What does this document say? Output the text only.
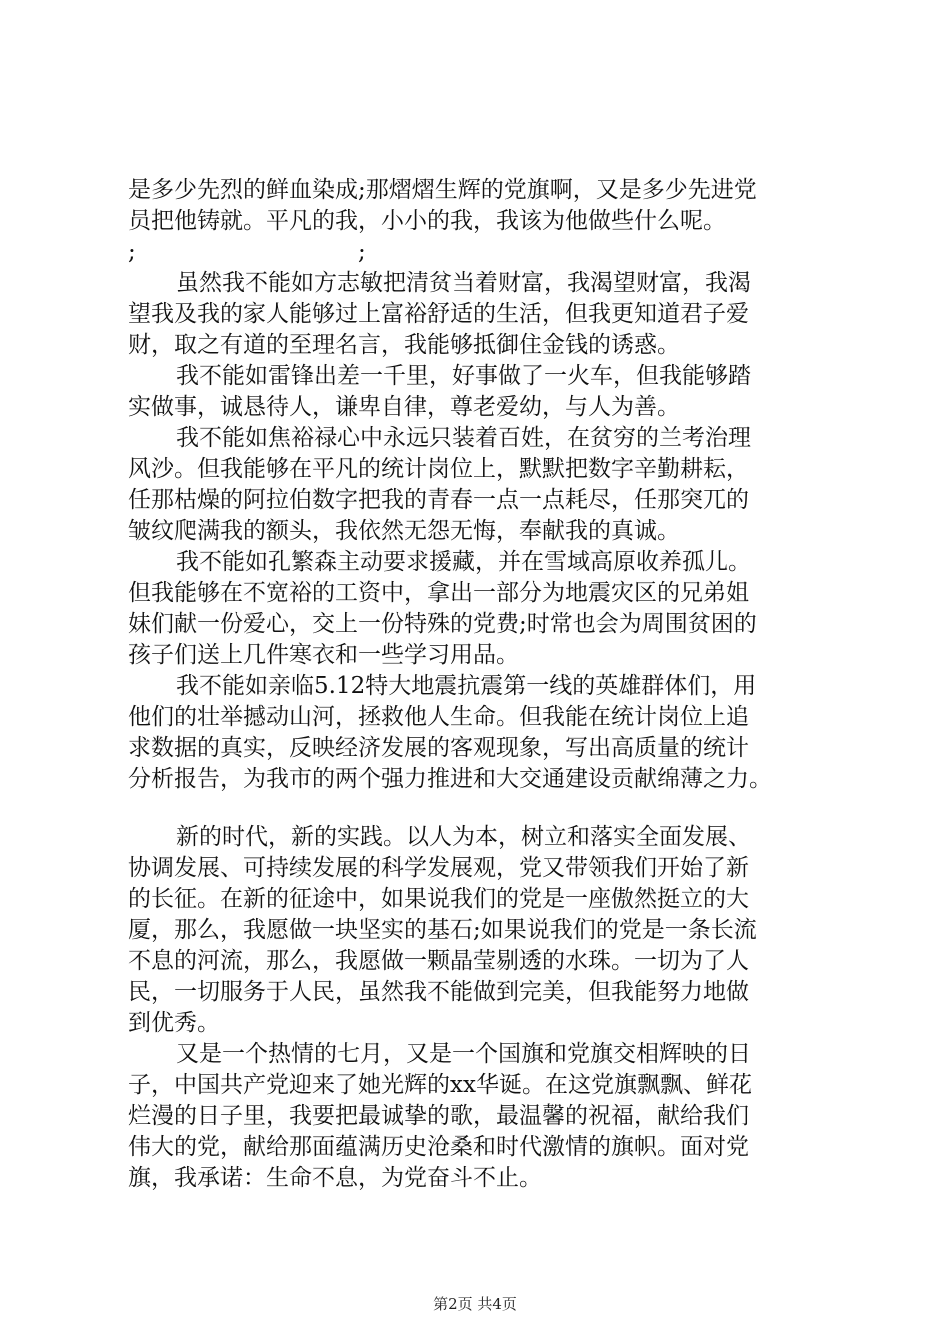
是多少先烈的鲜血染成;那熠熠生辉的党旗啊，又是多少先进党
员把他铸就。平凡的我，小小的我，我该为他做些什么呢。
;	;
虽然我不能如方志敏把清贫当着财富，我渴望财富，我渴
望我及我的家人能够过上富裕舒适的生活，但我更知道君子爱
财，取之有道的至理名言，我能够抵御住金钱的诱惑。
我不能如雷锋出差一千里，好事做了一火车，但我能够踏
实做事，诚恳待人，谦卑自律，尊老爱幼，与人为善。
我不能如焦裕禄心中永远只装着百姓，在贫穷的兰考治理
风沙。但我能够在平凡的统计岗位上，默默把数字辛勤耕耘，
任那枯燥的阿拉伯数字把我的青春一点一点耗尽，任那突兀的
皱纹爬满我的额头，我依然无怨无悔，奉献我的真诚。
我不能如孔繁森主动要求援藏，并在雪域高原收养孤儿。
但我能够在不宽裕的工资中，拿出一部分为地震灾区的兄弟姐
妹们献一份爱心，交上一份特殊的党费;时常也会为周围贫困的
孩子们送上几件寒衣和一些学习用品。
我不能如亲临5.12特大地震抗震第一线的英雄群体们，用
他们的壮举撼动山河，拯救他人生命。但我能在统计岗位上追
求数据的真实，反映经济发展的客观现象，写出高质量的统计
分析报告，为我市的两个强力推进和大交通建设贡献绵薄之力。
新的时代，新的实践。以人为本，树立和落实全面发展、
协调发展、可持续发展的科学发展观，党又带领我们开始了新
的长征。在新的征途中，如果说我们的党是一座傲然挺立的大
厦，那么，我愿做一块坚实的基石;如果说我们的党是一条长流
不息的河流，那么，我愿做一颗晶莹剔透的水珠。一切为了人
民，一切服务于人民，虽然我不能做到完美，但我能努力地做
到优秀。
又是一个热情的七月，又是一个国旗和党旗交相辉映的日
子，中国共产党迎来了她光辉的xx华诞。在这党旗飘飘、鲜花
烂漫的日子里，我要把最诚挚的歌，最温馨的祝福，献给我们
伟大的党，献给那面蕴满历史沧桑和时代激情的旗帜。面对党
旗，我承诺：生命不息，为党奋斗不止。
第2页 共4页
